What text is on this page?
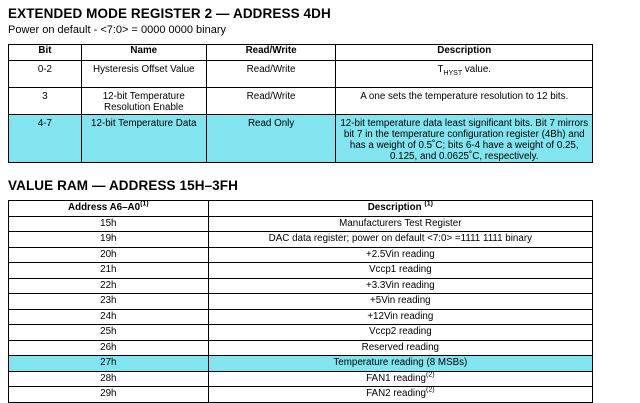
EXTENDED MODE REGISTER 2 — ADDRESS 4DH
Power on default - <7:0> = 0000 0000 binary
Bit	Name	Read/Write	Description
0-2	Hysteresis Offset Value	Read/Write	$T_{HYST}$ value.
3	12-bit Temperature Resolution Enable	Read/Write	A one sets the temperature resolution to 12 bits.
4-7	12-bit Temperature Data	Read Only	12-bit temperature data least significant bits. Bit 7 mirrors bit 7 in the temperature configuration register (4Bh) and has a weight of 0.5˚C; bits 6-4 have a weight of 0.25, 0.125, and 0.0625˚C, respectively.
VALUE RAM — ADDRESS 15H–3FH
Address A6–A0$^{(1)}$	Description $^{(1)}$
15h	Manufacturers Test Register
19h	DAC data register; power on default <7:0> =1111 1111 binary
20h	+2.5Vin reading
21h	Vccp1 reading
22h	+3.3Vin reading
23h	+5Vin reading
24h	+12Vin reading
25h	Vccp2 reading
26h	Reserved reading
27h	Temperature reading (8 MSBs)
28h	FAN1 reading$^{(2)}$
29h	FAN2 reading$^{(2)}$
